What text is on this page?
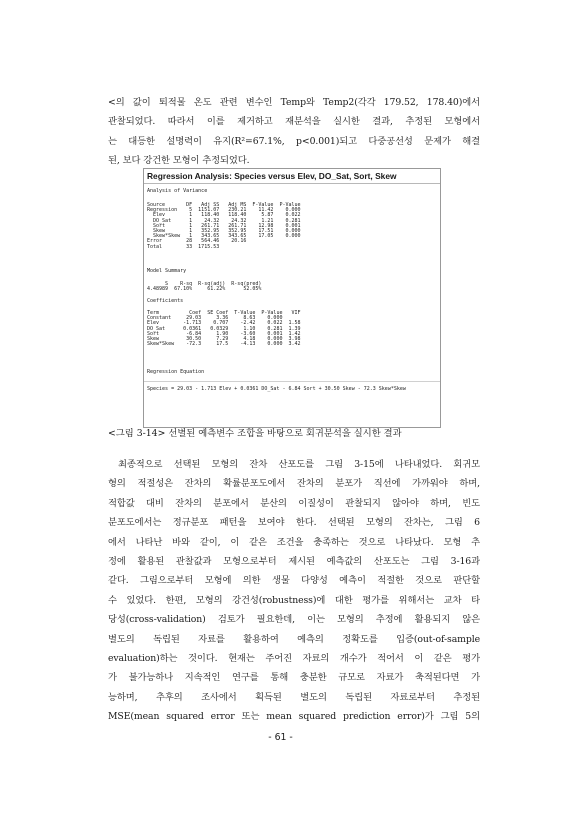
<의 값이 퇴적물 온도 관련 변수인 Temp와 Temp2(각각 179.52, 178.40)에서

관찰되었다. 따라서 이를 제거하고 재분석을 실시한 결과, 추정된 모형에서

는 대등한 설명력이 유지(R²=67.1%, p<0.001)되고 다중공선성 문제가 해결

된, 보다 강건한 모형이 추정되었다.

Regression Analysis: Species versus Elev, DO_Sat, Sort, Skew
Analysis of Variance
Source       DF   Adj SS   Adj MS  F-Value  P-Value
Regression    5  1151.07   230.21    11.42    0.000
Elev        1   118.40   118.40     5.87    0.022
DO_Sat      1    24.32    24.32     1.21    0.281
Sort        1   261.71   261.71    12.98    0.001
Skew        1   352.95   352.95    17.51    0.000
Skew*Skew   1   343.65   343.65    17.05    0.000
Error        28   564.46    20.16
Total        33  1715.53
Model Summary
S    R-sq  R-sq(adj)  R-sq(pred)
4.48989  67.10%     61.22%      52.05%
Coefficients
Term          Coef  SE Coef  T-Value  P-Value   VIF
Constant     29.03     3.36     8.63    0.000
Elev        -1.713    0.707    -2.42    0.022  1.58
DO_Sat      0.0361   0.0329     1.10    0.281  1.39
Sort         -6.84     1.90    -3.60    0.001  1.42
Skew         30.50     7.29     4.18    0.000  3.98
Skew*Skew    -72.3     17.5    -4.13    0.000  3.42
Regression Equation
Species = 29.03 - 1.713 Elev + 0.0361 DO_Sat - 6.84 Sort + 30.50 Skew - 72.3 Skew*Skew
<그림 3-14> 선별된 예측변수 조합을 바탕으로 회귀분석을 실시한 결과

최종적으로 선택된 모형의 잔차 산포도를 그림 3-15에 나타내었다. 회귀모

형의 적절성은 잔차의 확률분포도에서 잔차의 분포가 직선에 가까워야 하며,

적합값 대비 잔차의 분포에서 분산의 이질성이 관찰되지 않아야 하며, 빈도

분포도에서는 정규분포 패턴을 보여야 한다. 선택된 모형의 잔차는, 그림 6

에서 나타난 바와 같이, 이 같은 조건을 충족하는 것으로 나타났다. 모형 추

정에 활용된 관찰값과 모형으로부터 제시된 예측값의 산포도는 그림 3-16과

같다. 그림으로부터 모형에 의한 생물 다양성 예측이 적절한 것으로 판단할

수 있었다. 한편, 모형의 강건성(robustness)에 대한 평가를 위해서는 교차 타

당성(cross-validation) 검토가 필요한데, 이는 모형의 추정에 활용되지 않은

별도의 독립된 자료를 활용하여 예측의 정확도를 입증(out-of-sample

evaluation)하는 것이다. 현재는 주어진 자료의 개수가 적어서 이 같은 평가

가 불가능하나 지속적인 연구를 통해 충분한 규모로 자료가 축적된다면 가

능하며, 추후의 조사에서 획득된 별도의 독립된 자료로부터 추정된

MSE(mean squared error 또는 mean squared prediction error)가 그림 5의

- 61 -
